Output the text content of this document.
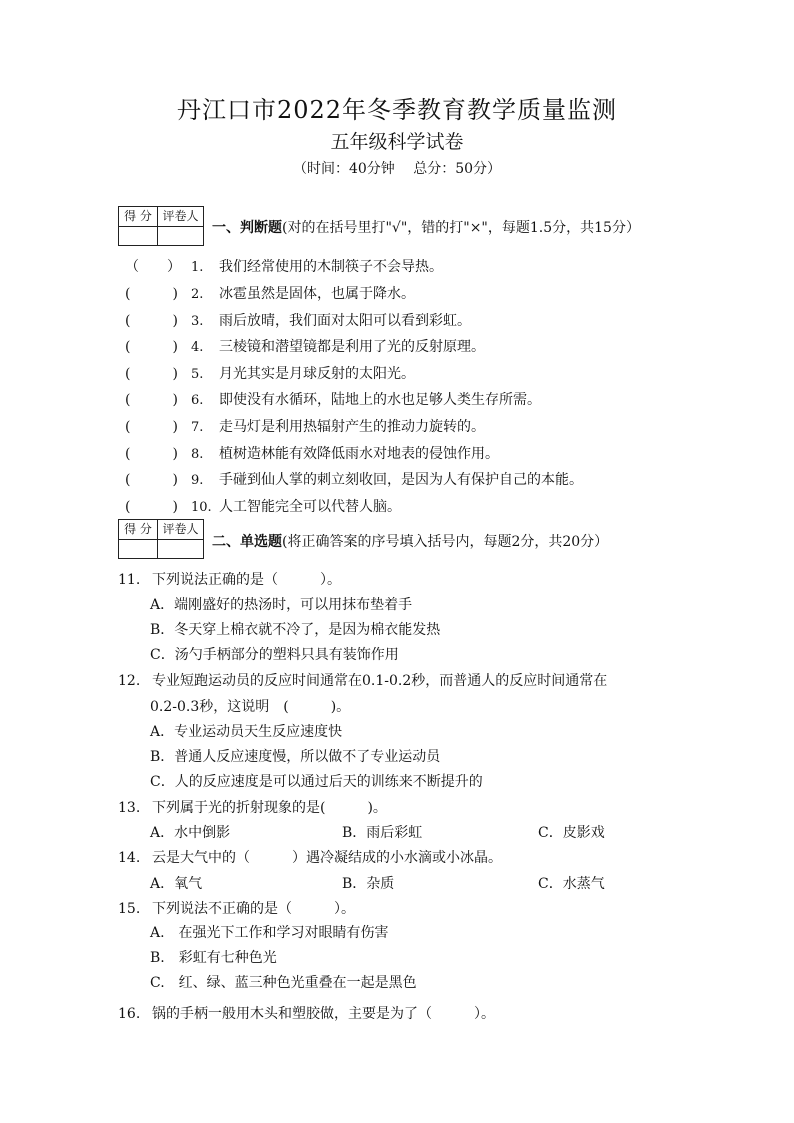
丹江口市2022年冬季教育教学质量监测
五年级科学试卷
（时间：40分钟　 总分：50分）
得 分 评卷人
一、判断题(对的在括号里打"√"，错的打"×"，每题1.5分，共15分）
（　　） 1. 我们经常使用的木制筷子不会导热。
(　　　) 2. 冰雹虽然是固体，也属于降水。
(　　　) 3. 雨后放晴，我们面对太阳可以看到彩虹。
(　　　) 4. 三棱镜和潜望镜都是利用了光的反射原理。
(　　　) 5. 月光其实是月球反射的太阳光。
(　　　) 6. 即使没有水循环，陆地上的水也足够人类生存所需。
(　　　) 7. 走马灯是利用热辐射产生的推动力旋转的。
(　　　) 8. 植树造林能有效降低雨水对地表的侵蚀作用。
(　　　) 9. 手碰到仙人掌的刺立刻收回，是因为人有保护自己的本能。
(　　　) 10. 人工智能完全可以代替人脑。
得 分 评卷人
二、单选题(将正确答案的序号填入括号内，每题2分，共20分）
11. 下列说法正确的是（　　　）。
A．端刚盛好的热汤时，可以用抹布垫着手
B．冬天穿上棉衣就不冷了，是因为棉衣能发热
C．汤勺手柄部分的塑料只具有装饰作用
12. 专业短跑运动员的反应时间通常在0.1-0.2秒，而普通人的反应时间通常在
0.2-0.3秒，这说明　(　　　)。
A．专业运动员天生反应速度快
B．普通人反应速度慢，所以做不了专业运动员
C．人的反应速度是可以通过后天的训练来不断提升的
13. 下列属于光的折射现象的是(　　　)。
A．水中倒影	B．雨后彩虹	C．皮影戏
14. 云是大气中的（　　　）遇冷凝结成的小水滴或小冰晶。
A．氧气	B．杂质	C．水蒸气
15. 下列说法不正确的是（　　　）。
A.　在强光下工作和学习对眼睛有伤害
B.　彩虹有七种色光
C.　红、绿、蓝三种色光重叠在一起是黑色
16. 锅的手柄一般用木头和塑胶做，主要是为了（　　　）。
